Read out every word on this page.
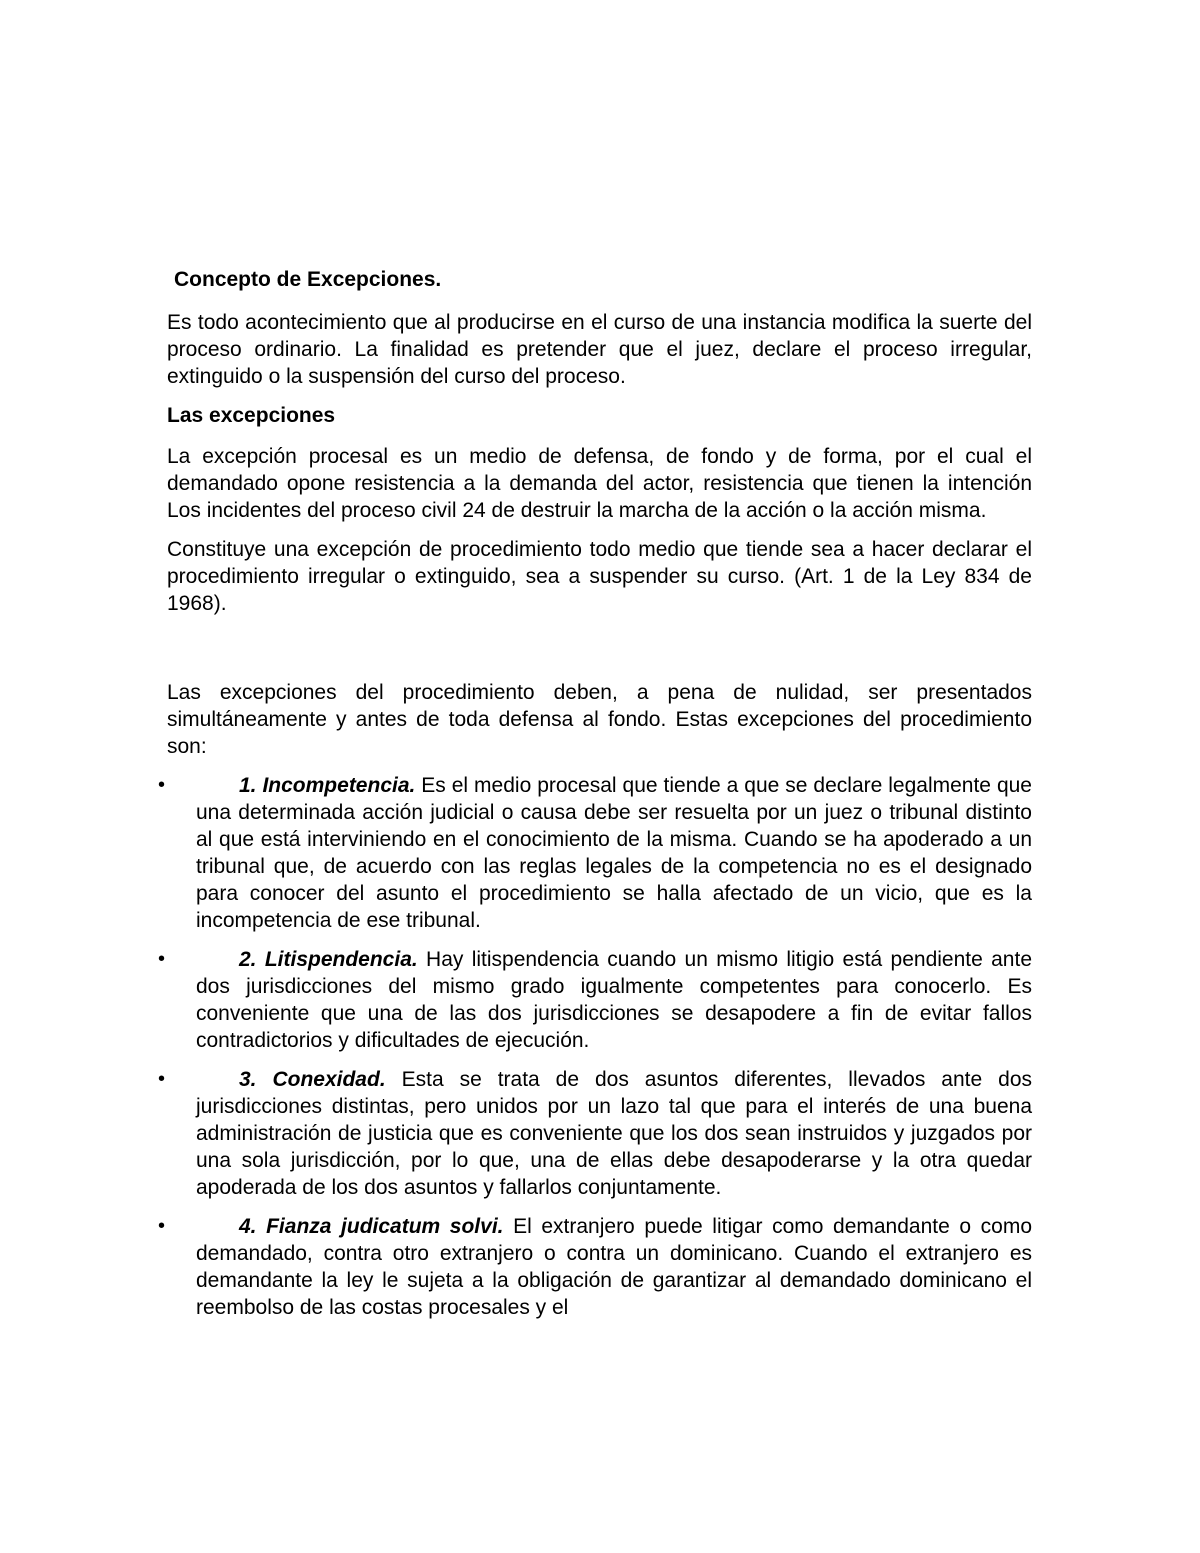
Concepto de Excepciones.

Es todo acontecimiento que al producirse en el curso de una instancia modifica la suerte del proceso ordinario. La finalidad es pretender que el juez, declare el proceso irregular, extinguido o la suspensión del curso del proceso.

Las excepciones

La excepción procesal es un medio de defensa, de fondo y de forma, por el cual el demandado opone resistencia a la demanda del actor, resistencia que tienen la intención Los incidentes del proceso civil 24 de destruir la marcha de la acción o la acción misma.

Constituye una excepción de procedimiento todo medio que tiende sea a hacer declarar el procedimiento irregular o extinguido, sea a suspender su curso. (Art. 1 de la Ley 834 de 1968).

Las excepciones del procedimiento deben, a pena de nulidad, ser presentados simultáneamente y antes de toda defensa al fondo. Estas excepciones del procedimiento son:

•	1. Incompetencia. Es el medio procesal que tiende a que se declare legalmente que una determinada acción judicial o causa debe ser resuelta por un juez o tribunal distinto al que está interviniendo en el conocimiento de la misma. Cuando se ha apoderado a un tribunal que, de acuerdo con las reglas legales de la competencia no es el designado para conocer del asunto el procedimiento se halla afectado de un vicio, que es la incompetencia de ese tribunal.
•	2. Litispendencia. Hay litispendencia cuando un mismo litigio está pendiente ante dos jurisdicciones del mismo grado igualmente competentes para conocerlo. Es conveniente que una de las dos jurisdicciones se desapodere a fin de evitar fallos contradictorios y dificultades de ejecución.
•	3. Conexidad. Esta se trata de dos asuntos diferentes, llevados ante dos jurisdicciones distintas, pero unidos por un lazo tal que para el interés de una buena administración de justicia que es conveniente que los dos sean instruidos y juzgados por una sola jurisdicción, por lo que, una de ellas debe desapoderarse y la otra quedar apoderada de los dos asuntos y fallarlos conjuntamente.
•	4. Fianza judicatum solvi. El extranjero puede litigar como demandante o como demandado, contra otro extranjero o contra un dominicano. Cuando el extranjero es demandante la ley le sujeta a la obligación de garantizar al demandado dominicano el reembolso de las costas procesales y el
